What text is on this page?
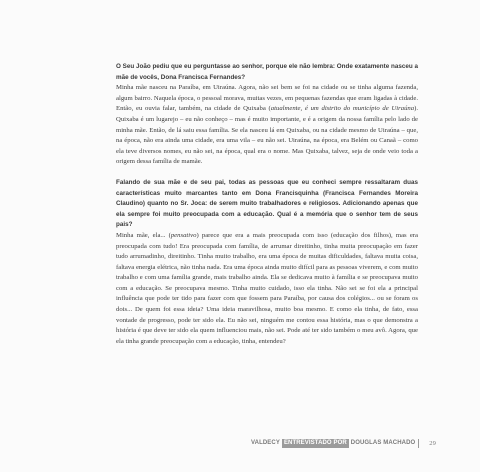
O Seu João pediu que eu perguntasse ao senhor, porque ele não lembra: Onde exatamente nasceu a mãe de vocês, Dona Francisca Fernandes?

Minha mãe nasceu na Paraíba, em Uiraúna. Agora, não sei bem se foi na cidade ou se tinha alguma fazenda, algum bairro. Naquela época, o pessoal morava, muitas vezes, em pequenas fazendas que eram ligadas à cidade. Então, eu ouvia falar, também, na cidade de Quixaba (atualmente, é um distrito do município de Uiraúna). Quixaba é um lugarejo – eu não conheço – mas é muito importante, e é a origem da nossa família pelo lado de minha mãe. Então, de lá saiu essa família. Se ela nasceu lá em Quixaba, ou na cidade mesmo de Uiraúna – que, na época, não era ainda uma cidade, era uma vila – eu não sei. Uiraúna, na época, era Belém ou Canaã – como ela teve diversos nomes, eu não sei, na época, qual era o nome. Mas Quixaba, talvez, seja de onde veio toda a origem dessa família de mamãe.

Falando de sua mãe e de seu pai, todas as pessoas que eu conheci sempre ressaltaram duas características muito marcantes tanto em Dona Francisquinha (Francisca Fernandes Moreira Claudino) quanto no Sr. Joca: de serem muito trabalhadores e religiosos. Adicionando apenas que ela sempre foi muito preocupada com a educação. Qual é a memória que o senhor tem de seus pais?

Minha mãe, ela... (pensativo) parece que era a mais preocupada com isso (educação dos filhos), mas era preocupada com tudo! Era preocupada com família, de arrumar direitinho, tinha muita preocupação em fazer tudo arrumadinho, direitinho. Tinha muito trabalho, era uma época de muitas dificuldades, faltava muita coisa, faltava energia elétrica, não tinha nada. Era uma época ainda muito difícil para as pessoas viverem, e com muito trabalho e com uma família grande, mais trabalho ainda. Ela se dedicava muito à família e se preocupava muito com a educação. Se preocupava mesmo. Tinha muito cuidado, isso ela tinha. Não sei se foi ela a principal influência que pode ter tido para fazer com que fossem para Paraíba, por causa dos colégios... ou se foram os dois... De quem foi essa ideia? Uma ideia maravilhosa, muito boa mesmo. E como ela tinha, de fato, essa vontade de progresso, pode ter sido ela. Eu não sei, ninguém me contou essa história, mas o que demonstra a história é que deve ter sido ela quem influenciou mais, não sei. Pode até ter sido também o meu avô. Agora, que ela tinha grande preocupação com a educação, tinha, entendeu?

VALDECY ENTREVISTADO POR DOUGLAS MACHADO 29
